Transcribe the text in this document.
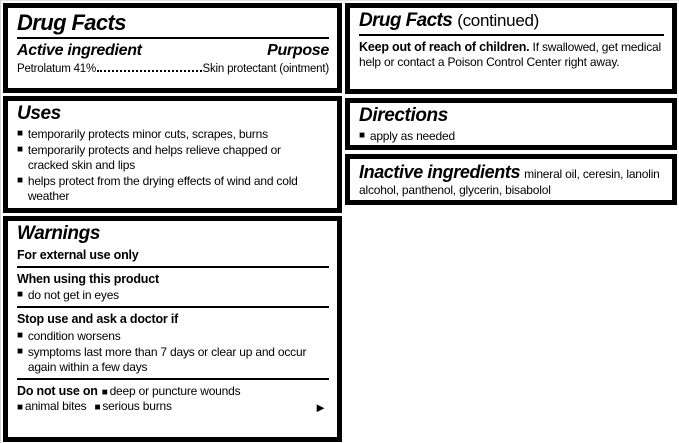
Drug Facts
Active ingredient	Purpose
Petrolatum 41%	Skin protectant (ointment)
Uses
■ temporarily protects minor cuts, scrapes, burns
■ temporarily protects and helps relieve chapped or cracked skin and lips
■ helps protect from the drying effects of wind and cold weather
Warnings

For external use only

When using this product

■ do not get in eyes

Stop use and ask a doctor if

■ condition worsens
■ symptoms last more than 7 days or clear up and occur again within a few days

Do not use on ■ deep or puncture wounds

■ animal bites ■ serious burns	►
Drug Facts (continued)

Keep out of reach of children. If swallowed, get medical help or contact a Poison Control Center right away.

Directions
■ apply as needed

Inactive ingredients mineral oil, ceresin, lanolin alcohol, panthenol, glycerin, bisabolol
